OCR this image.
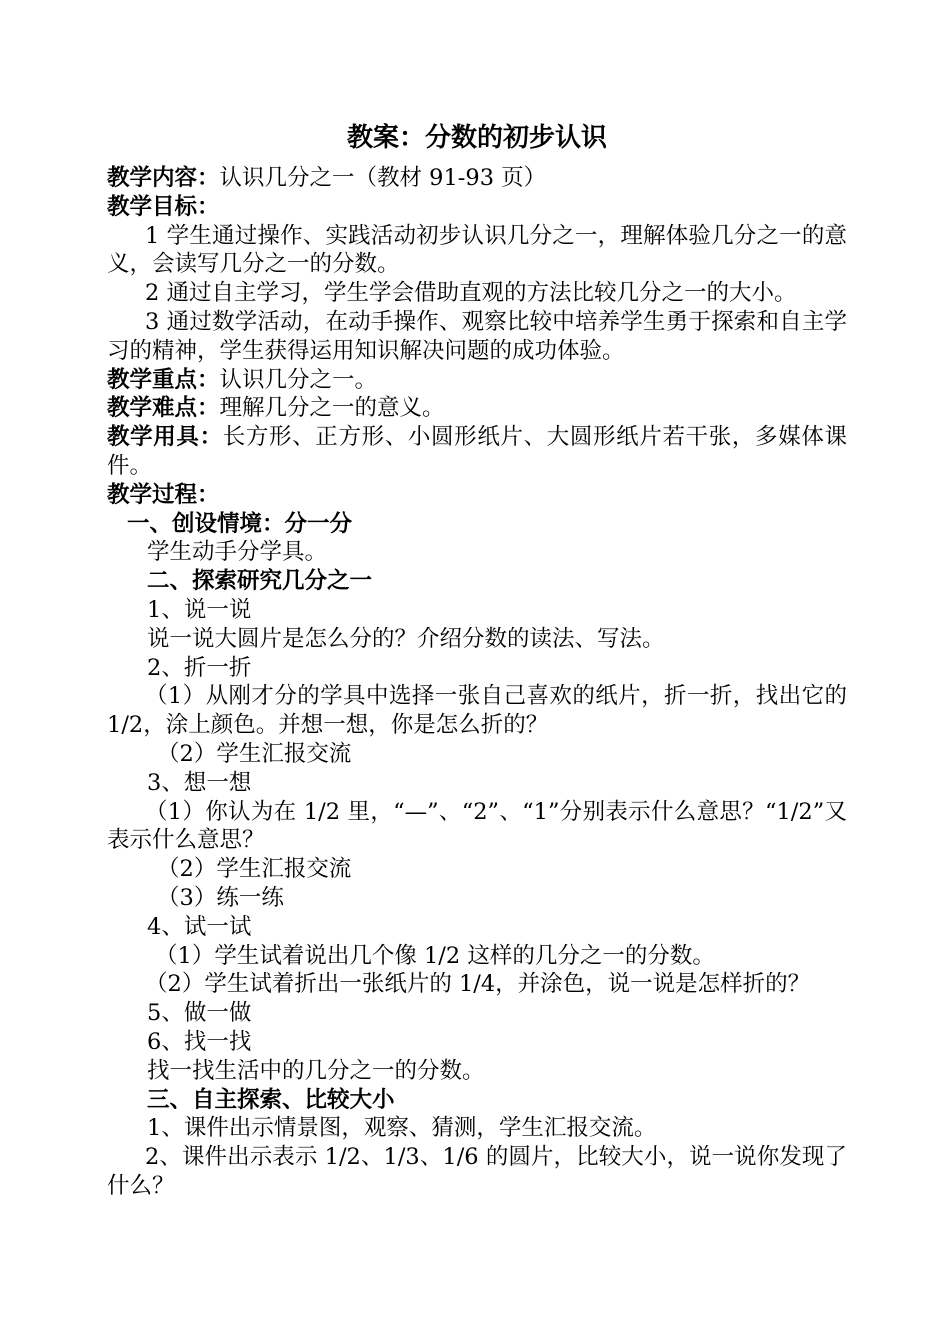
教案：分数的初步认识
教学内容：认识几分之一（教材 91-93 页）
教学目标：
1 学生通过操作、实践活动初步认识几分之一，理解体验几分之一的意义，会读写几分之一的分数。
2 通过自主学习，学生学会借助直观的方法比较几分之一的大小。
3 通过数学活动，在动手操作、观察比较中培养学生勇于探索和自主学习的精神，学生获得运用知识解决问题的成功体验。
教学重点：认识几分之一。
教学难点：理解几分之一的意义。
教学用具：长方形、正方形、小圆形纸片、大圆形纸片若干张，多媒体课件。
教学过程：
一、创设情境：分一分
学生动手分学具。
二、探索研究几分之一
1、说一说
说一说大圆片是怎么分的？介绍分数的读法、写法。
2、折一折
（1）从刚才分的学具中选择一张自己喜欢的纸片，折一折，找出它的 1/2，涂上颜色。并想一想，你是怎么折的？
（2）学生汇报交流
3、想一想
（1）你认为在 1/2 里，“—”、“2”、“1”分别表示什么意思？“1/2”又表示什么意思？
（2）学生汇报交流
（3）练一练
4、试一试
（1）学生试着说出几个像 1/2 这样的几分之一的分数。
（2）学生试着折出一张纸片的 1/4，并涂色，说一说是怎样折的？
5、做一做
6、找一找
找一找生活中的几分之一的分数。
三、自主探索、比较大小
1、课件出示情景图，观察、猜测，学生汇报交流。
2、课件出示表示 1/2、1/3、1/6 的圆片，比较大小，说一说你发现了什么？
